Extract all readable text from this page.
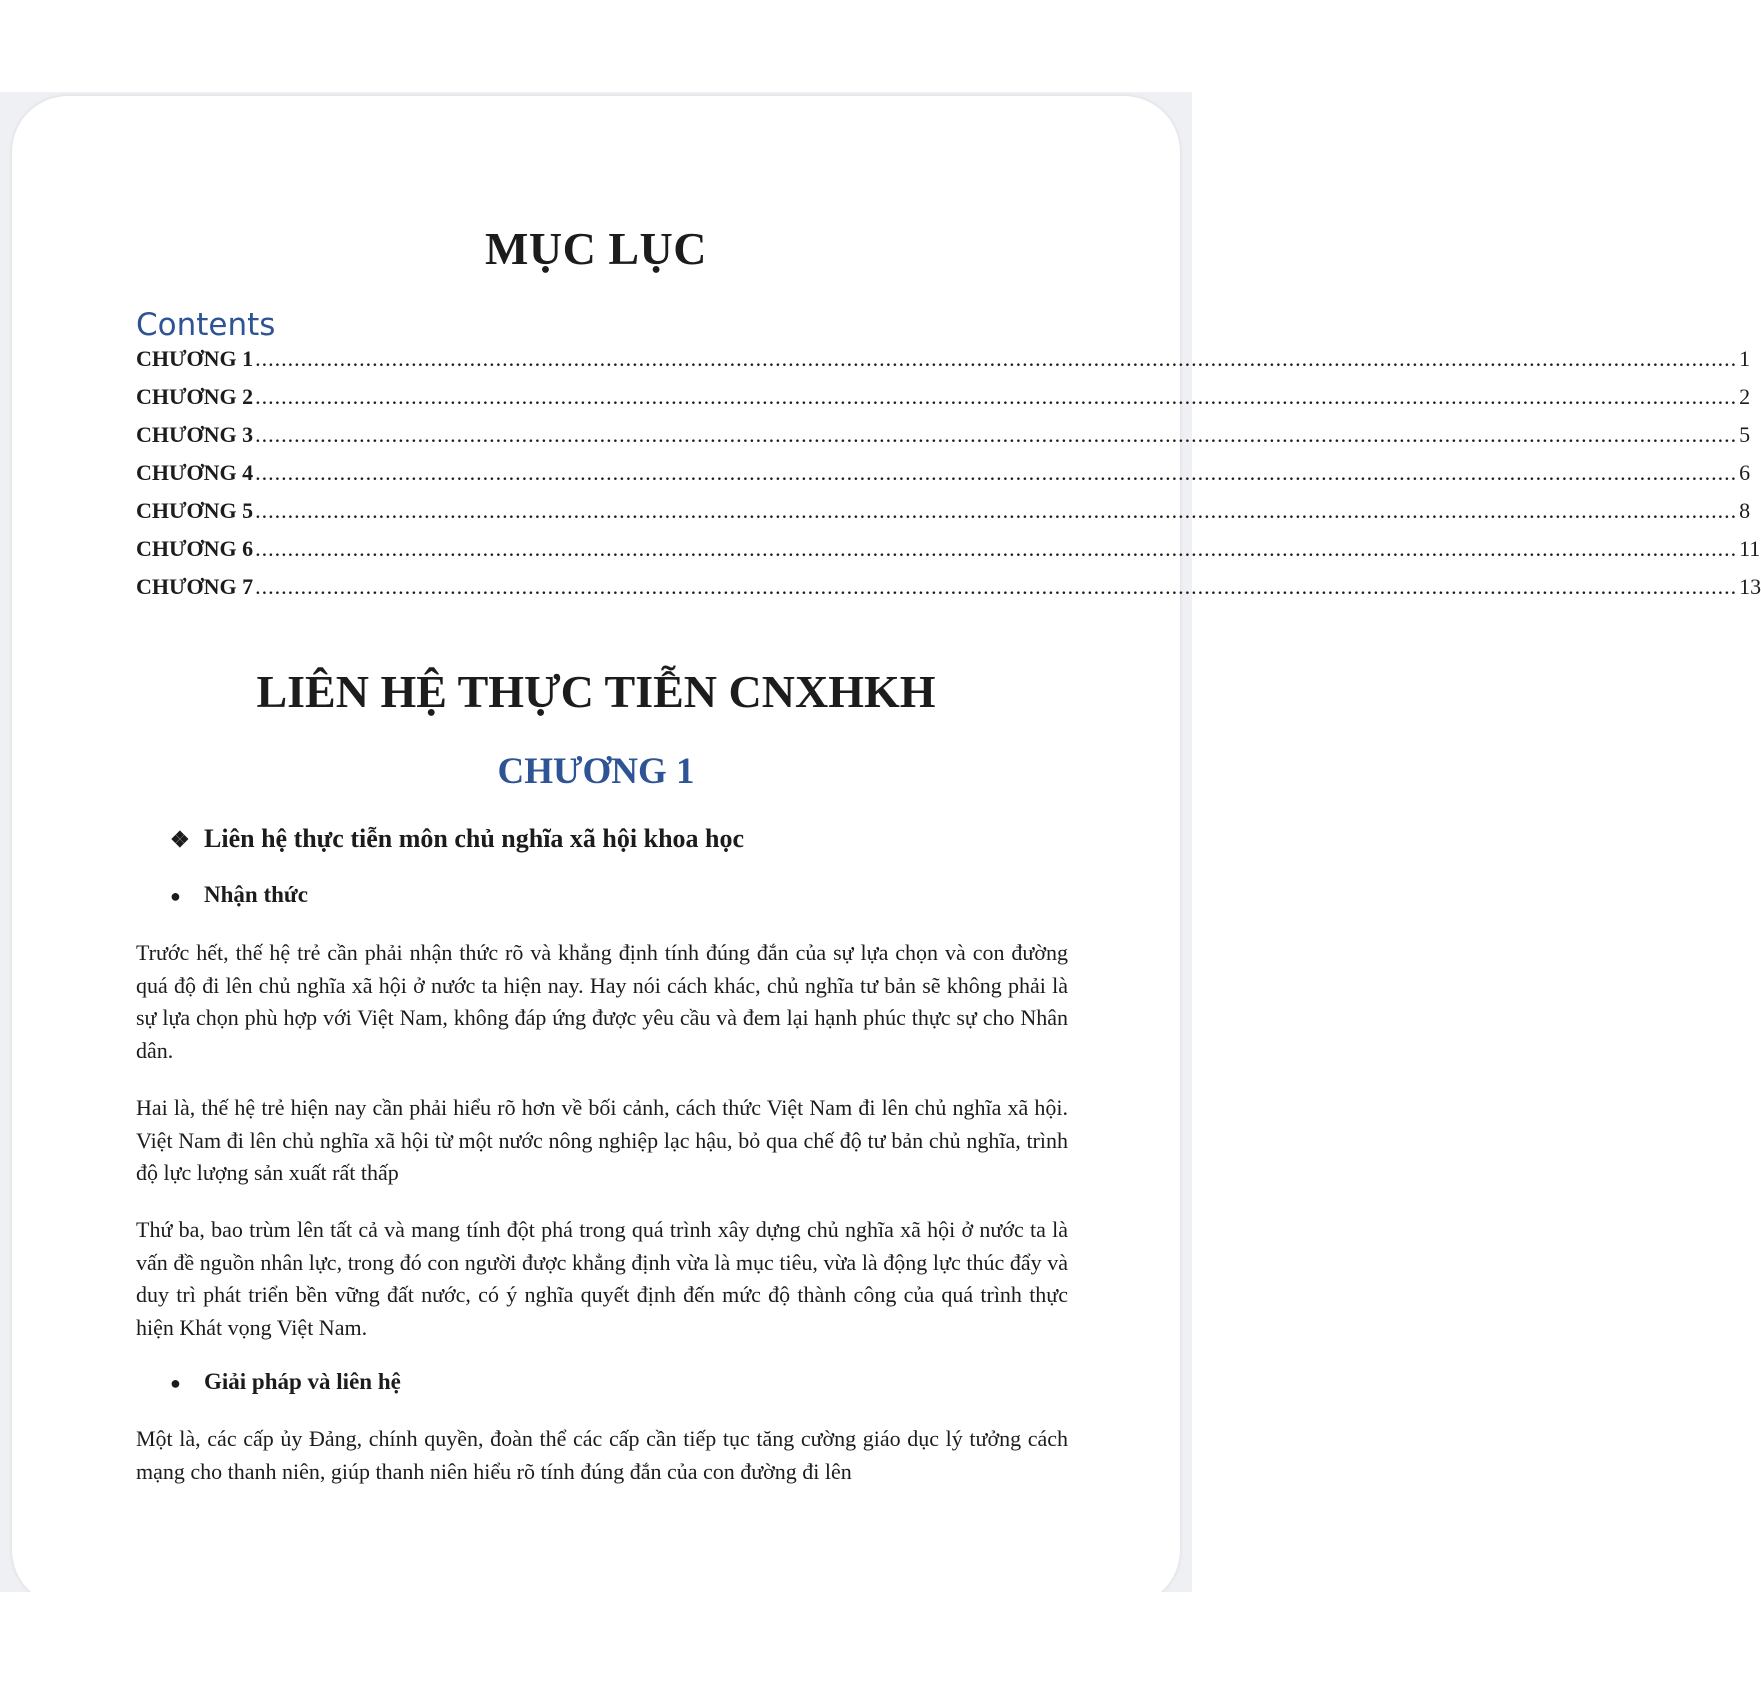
MỤC LỤC
Contents
CHƯƠNG 1 .................................................................................................................................................................................................................................... 1
CHƯƠNG 2 .................................................................................................................................................................................................................................... 2
CHƯƠNG 3 .................................................................................................................................................................................................................................... 5
CHƯƠNG 4 .................................................................................................................................................................................................................................... 6
CHƯƠNG 5 .................................................................................................................................................................................................................................... 8
CHƯƠNG 6 .................................................................................................................................................................................................................................... 11
CHƯƠNG 7 .................................................................................................................................................................................................................................... 13
LIÊN HỆ THỰC TIỄN CNXHKH
CHƯƠNG 1
❖ Liên hệ thực tiễn môn chủ nghĩa xã hội khoa học
● Nhận thức

Trước hết, thế hệ trẻ cần phải nhận thức rõ và khẳng định tính đúng đắn của sự lựa chọn và con đường quá độ đi lên chủ nghĩa xã hội ở nước ta hiện nay. Hay nói cách khác, chủ nghĩa tư bản sẽ không phải là sự lựa chọn phù hợp với Việt Nam, không đáp ứng được yêu cầu và đem lại hạnh phúc thực sự cho Nhân dân.

Hai là, thế hệ trẻ hiện nay cần phải hiểu rõ hơn về bối cảnh, cách thức Việt Nam đi lên chủ nghĩa xã hội. Việt Nam đi lên chủ nghĩa xã hội từ một nước nông nghiệp lạc hậu, bỏ qua chế độ tư bản chủ nghĩa, trình độ lực lượng sản xuất rất thấp

Thứ ba, bao trùm lên tất cả và mang tính đột phá trong quá trình xây dựng chủ nghĩa xã hội ở nước ta là vấn đề nguồn nhân lực, trong đó con người được khẳng định vừa là mục tiêu, vừa là động lực thúc đẩy và duy trì phát triển bền vững đất nước, có ý nghĩa quyết định đến mức độ thành công của quá trình thực hiện Khát vọng Việt Nam.

● Giải pháp và liên hệ

Một là, các cấp ủy Đảng, chính quyền, đoàn thể các cấp cần tiếp tục tăng cường giáo dục lý tưởng cách mạng cho thanh niên, giúp thanh niên hiểu rõ tính đúng đắn của con đường đi lên
